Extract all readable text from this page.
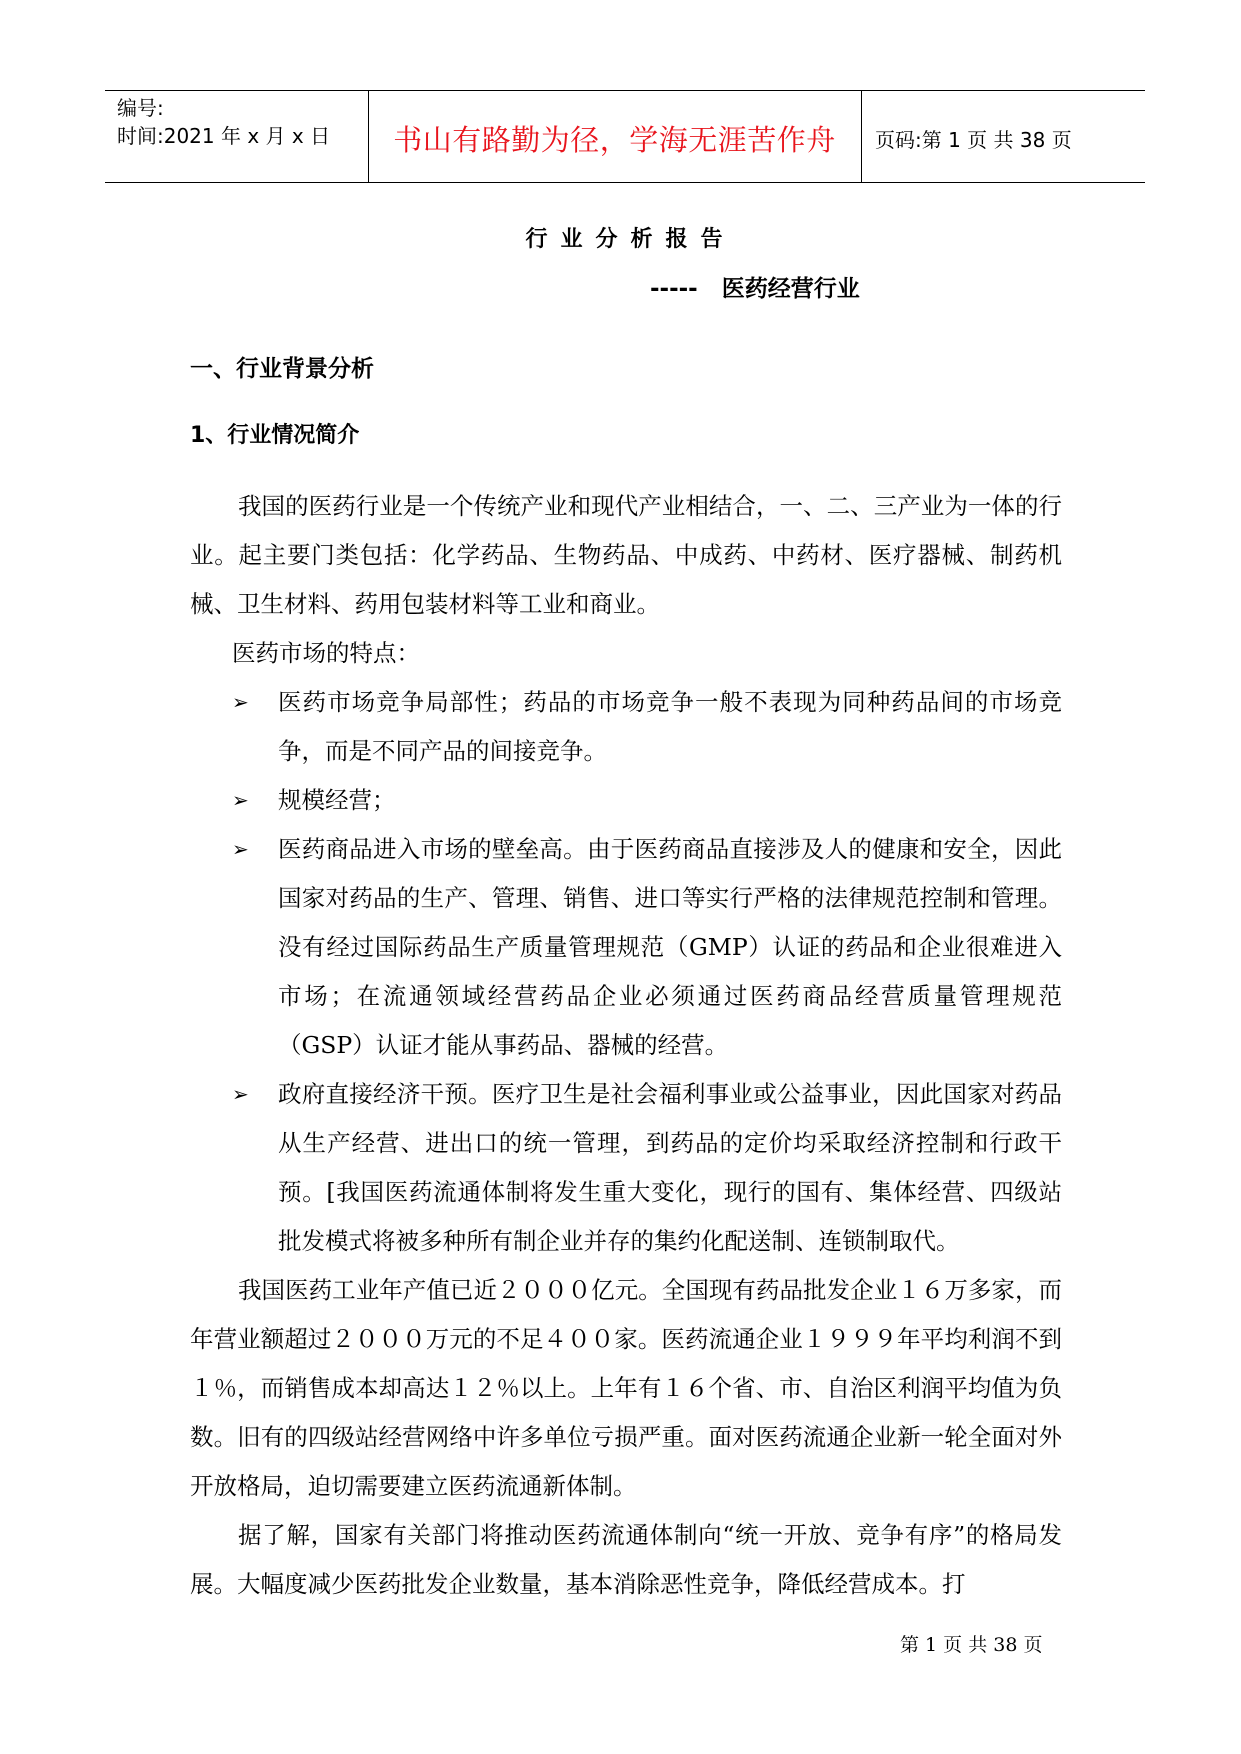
编号:
时间:2021 年 x 月 x 日	书山有路勤为径，学海无涯苦作舟	页码:第 1 页 共 38 页
行业分析报告
----- 医药经营行业
一、行业背景分析
1、行业情况简介

我国的医药行业是一个传统产业和现代产业相结合，一、二、三产业为一体的行业。起主要门类包括：化学药品、生物药品、中成药、中药材、医疗器械、制药机械、卫生材料、药用包装材料等工业和商业。

医药市场的特点：

➢ 医药市场竞争局部性；药品的市场竞争一般不表现为同种药品间的市场竞争，而是不同产品的间接竞争。
➢ 规模经营；
➢ 医药商品进入市场的壁垒高。由于医药商品直接涉及人的健康和安全，因此国家对药品的生产、管理、销售、进口等实行严格的法律规范控制和管理。没有经过国际药品生产质量管理规范（GMP）认证的药品和企业很难进入市场；在流通领域经营药品企业必须通过医药商品经营质量管理规范（GSP）认证才能从事药品、器械的经营。
➢ 政府直接经济干预。医疗卫生是社会福利事业或公益事业，因此国家对药品从生产经营、进出口的统一管理，到药品的定价均采取经济控制和行政干预。[我国医药流通体制将发生重大变化，现行的国有、集体经营、四级站批发模式将被多种所有制企业并存的集约化配送制、连锁制取代。

我国医药工业年产值已近２０００亿元。全国现有药品批发企业１６万多家，而年营业额超过２０００万元的不足４００家。医药流通企业１９９９年平均利润不到１％，而销售成本却高达１２％以上。上年有１６个省、市、自治区利润平均值为负数。旧有的四级站经营网络中许多单位亏损严重。面对医药流通企业新一轮全面对外开放格局，迫切需要建立医药流通新体制。

据了解，国家有关部门将推动医药流通体制向“统一开放、竞争有序”的格局发展。大幅度减少医药批发企业数量，基本消除恶性竞争，降低经营成本。打

第 1 页 共 38 页
